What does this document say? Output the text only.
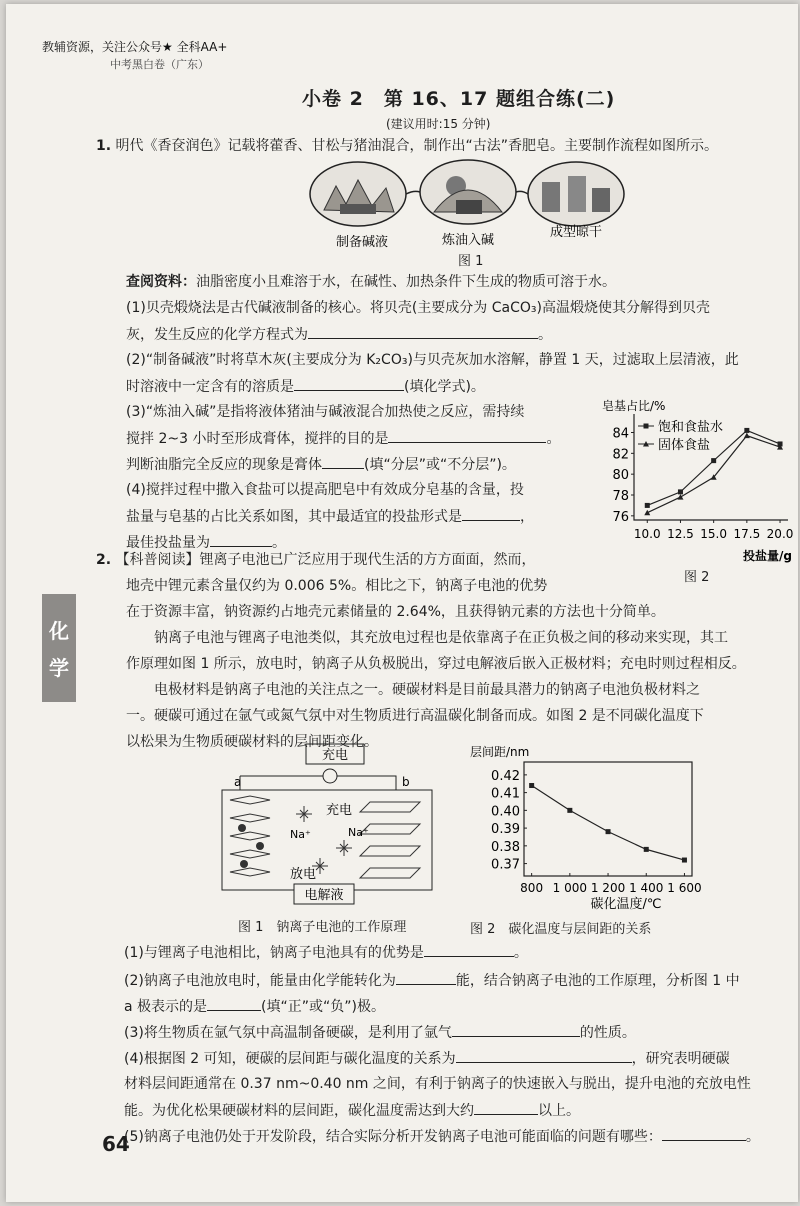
教辅资源，关注公众号★ 全科AA+
中考黑白卷（广东）
小卷 2　第 16、17 题组合练(二)
(建议用时:15 分钟)
1. 明代《香奁润色》记载将藿香、甘松与猪油混合，制作出“古法”香肥皂。主要制作流程如图所示。
制备碱液	炼油入碱
成型晾干
图 1
查阅资料：油脂密度小且难溶于水，在碱性、加热条件下生成的物质可溶于水。
(1)贝壳煅烧法是古代碱液制备的核心。将贝壳(主要成分为 CaCO₃)高温煅烧使其分解得到贝壳
灰，发生反应的化学方程式为	。
(2)“制备碱液”时将草木灰(主要成分为 K₂CO₃)与贝壳灰加水溶解，静置 1 天，过滤取上层清液，此
时溶液中一定含有的溶质是	(填化学式)。
(3)“炼油入碱”是指将液体猪油与碱液混合加热使之反应，需持续
搅拌 2~3 小时至形成膏体，搅拌的目的是	。
判断油脂完全反应的现象是膏体	(填“分层”或“不分层”)。
(4)搅拌过程中撒入食盐可以提高肥皂中有效成分皂基的含量，投
盐量与皂基的占比关系如图，其中最适宜的投盐形式是	，
最佳投盐量为	。
皂基占比/%
76
78
80
82
84
10.0 12.5 15.0 17.5 20.0
饱和食盐水
固体食盐
投盐量/g
图 2
2. 【科普阅读】锂离子电池已广泛应用于现代生活的方方面面，然而，
地壳中锂元素含量仅约为 0.006 5%。相比之下，钠离子电池的优势
在于资源丰富，钠资源约占地壳元素储量的 2.64%，且获得钠元素的方法也十分简单。
钠离子电池与锂离子电池类似，其充放电过程也是依靠离子在正负极之间的移动来实现，其工
作原理如图 1 所示，放电时，钠离子从负极脱出，穿过电解液后嵌入正极材料；充电时则过程相反。
电极材料是钠离子电池的关注点之一。硬碳材料是目前最具潜力的钠离子电池负极材料之
一。硬碳可通过在氩气或氮气氛中对生物质进行高温碳化制备而成。如图 2 是不同碳化温度下
以松果为生物质硬碳材料的层间距变化。
充电
a	b
Na⁺	Na⁺
充电
放电
电解液
层间距/nm
0.37
0.38
0.39
0.40
0.41
0.42
800 1 000 1 200 1 400 1 600
碳化温度/℃
图 1　钠离子电池的工作原理	图 2　碳化温度与层间距的关系
(1)与锂离子电池相比，钠离子电池具有的优势是	。
(2)钠离子电池放电时，能量由化学能转化为	能，结合钠离子电池的工作原理，分析图 1 中
a 极表示的是	(填“正”或“负”)极。
(3)将生物质在氩气氛中高温制备硬碳，是利用了氩气	的性质。
(4)根据图 2 可知，硬碳的层间距与碳化温度的关系为	，研究表明硬碳
材料层间距通常在 0.37 nm~0.40 nm 之间，有利于钠离子的快速嵌入与脱出，提升电池的充放电性
能。为优化松果硬碳材料的层间距，碳化温度需达到大约	以上。
(5)钠离子电池仍处于开发阶段，结合实际分析开发钠离子电池可能面临的问题有哪些：	。
化
学
64
